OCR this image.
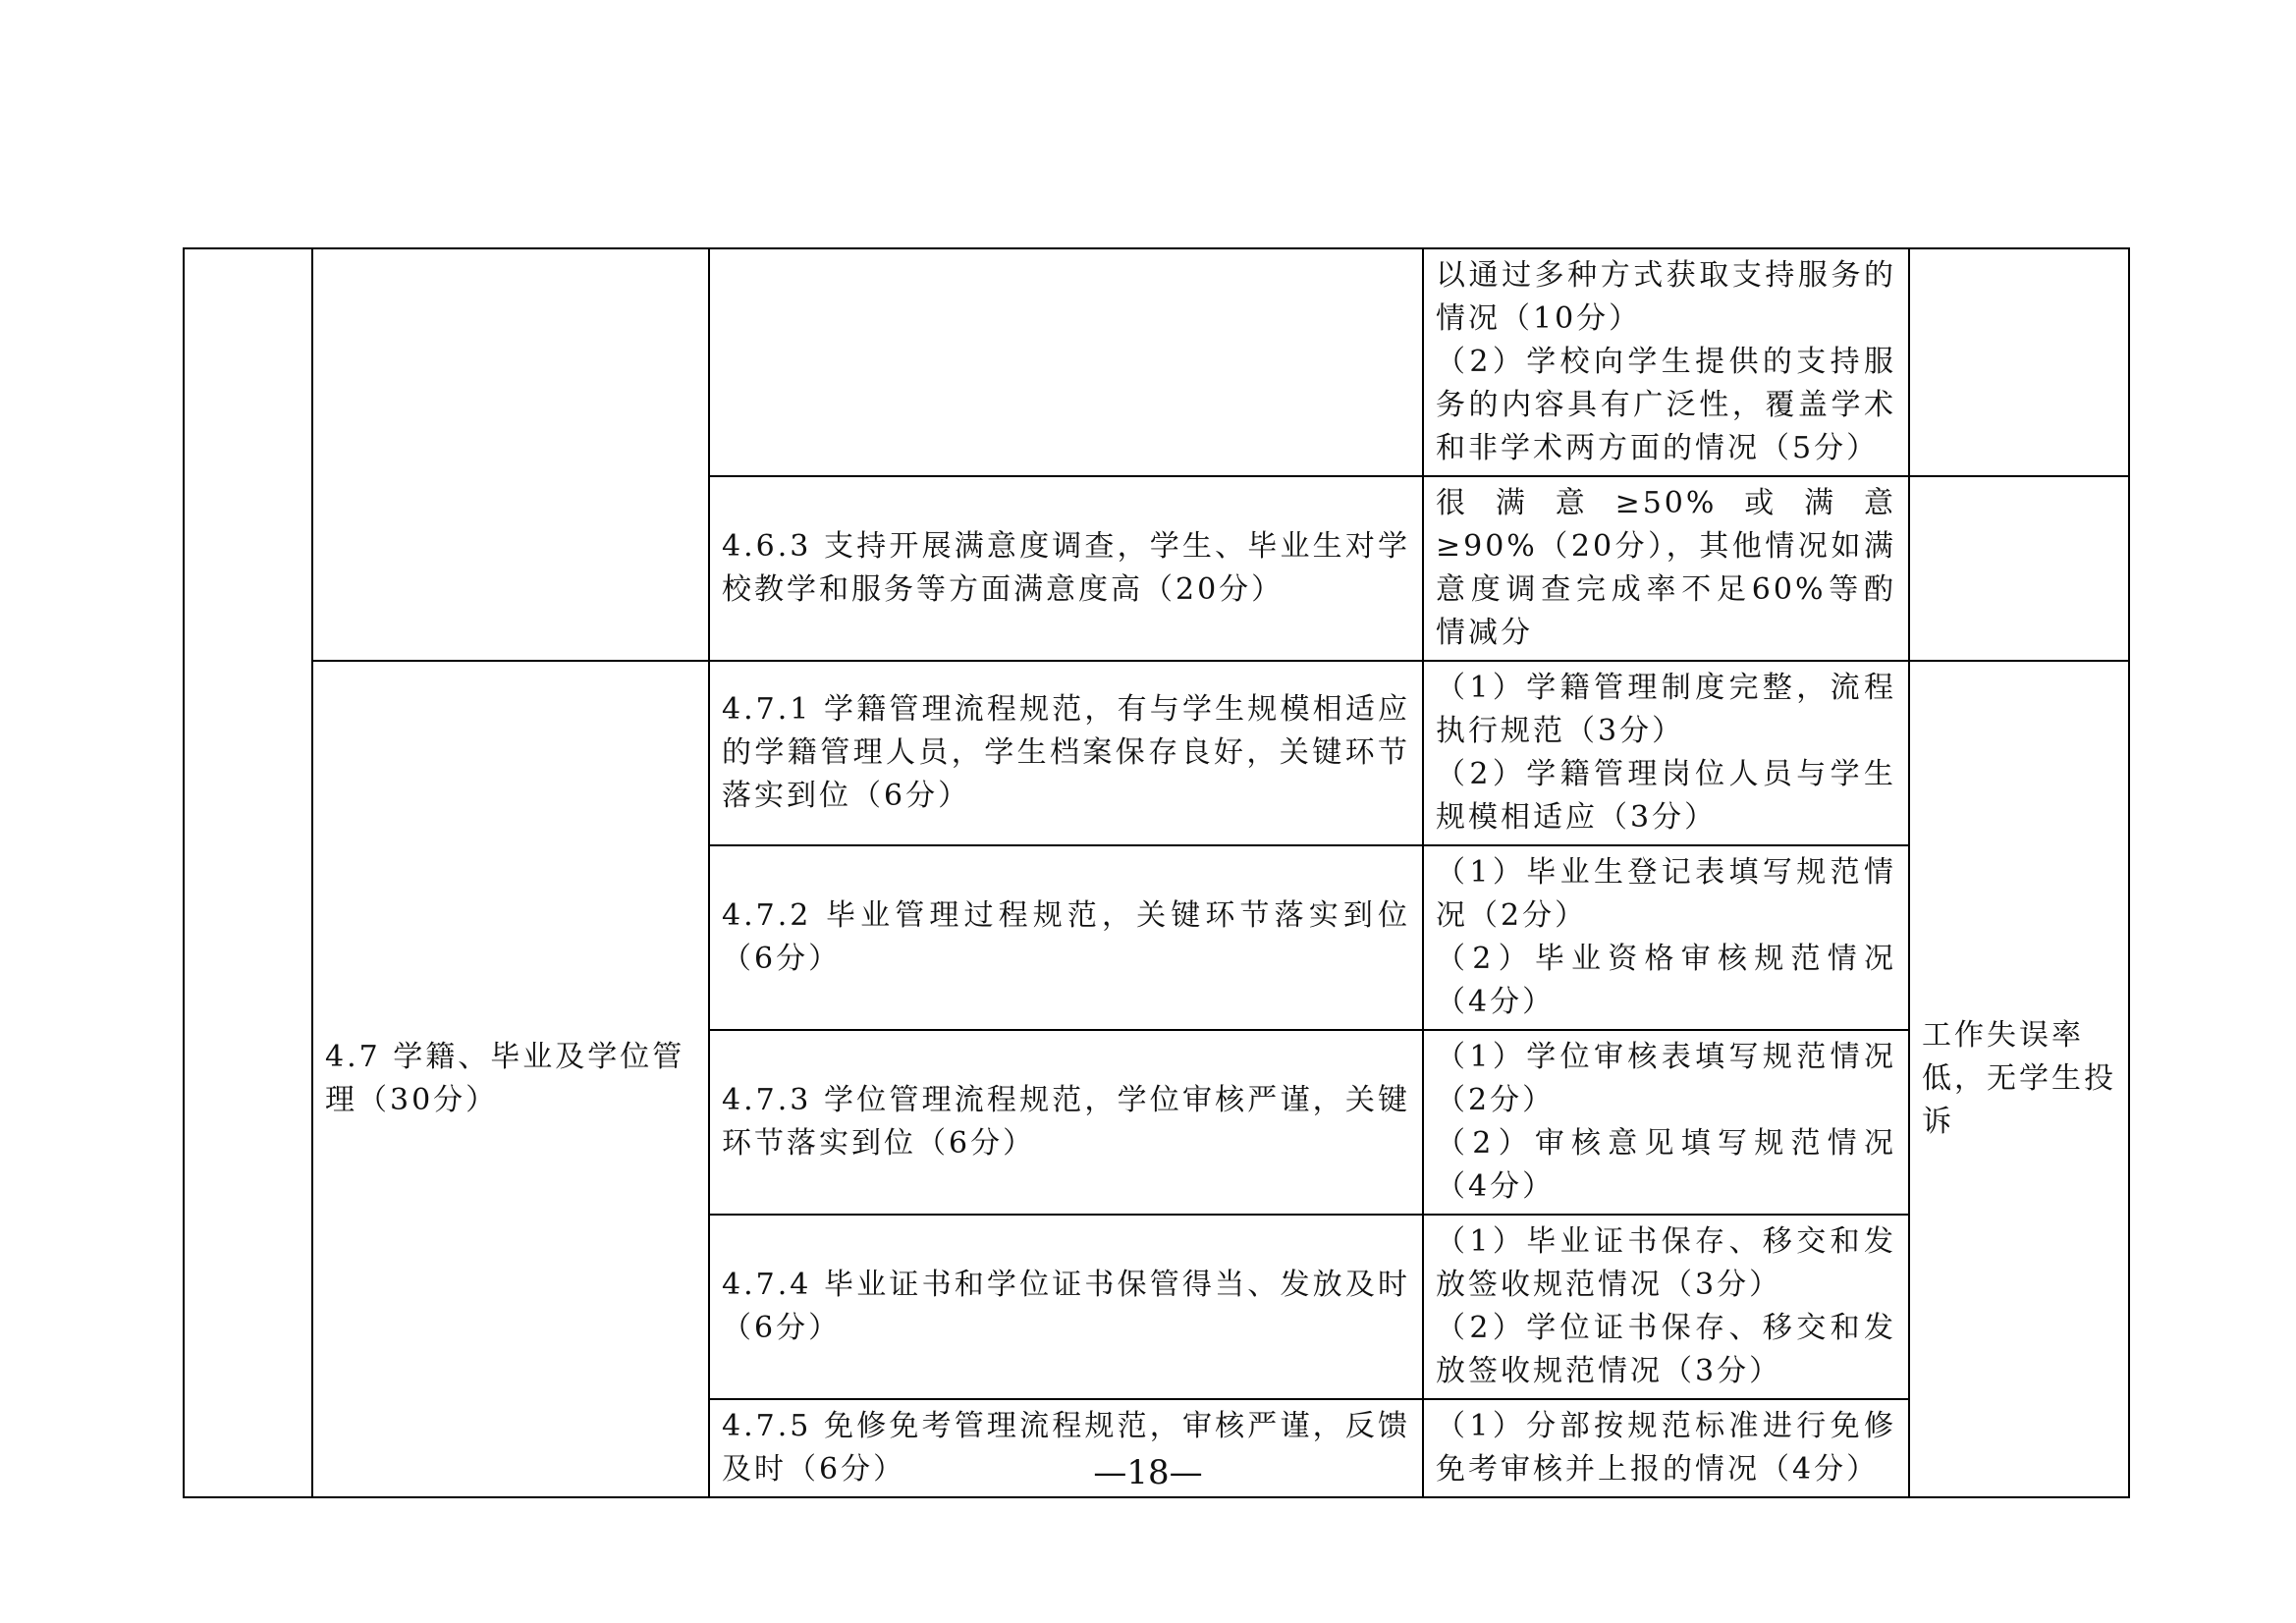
			以通过多种方式获取支持服务的情况（10分）
（2）学校向学生提供的支持服务的内容具有广泛性，覆盖学术和非学术两方面的情况（5分）	

		4.6.3 支持开展满意度调查，学生、毕业生对学校教学和服务等方面满意度高（20分）	很满意≥50%或满意≥90%（20分），其他情况如满意度调查完成率不足60%等酌情减分	

	4.7 学籍、毕业及学位管理（30分）	4.7.1 学籍管理流程规范，有与学生规模相适应的学籍管理人员，学生档案保存良好，关键环节落实到位（6分）	（1）学籍管理制度完整，流程执行规范（3分）
（2）学籍管理岗位人员与学生规模相适应（3分）	工作失误率低，无学生投诉
		4.7.2 毕业管理过程规范，关键环节落实到位（6分）	（1）毕业生登记表填写规范情况（2分）
（2）毕业资格审核规范情况（4分）	

		4.7.3 学位管理流程规范，学位审核严谨，关键环节落实到位（6分）	（1）学位审核表填写规范情况（2分）
（2）审核意见填写规范情况（4分）	

		4.7.4 毕业证书和学位证书保管得当、发放及时（6分）	（1）毕业证书保存、移交和发放签收规范情况（3分）
（2）学位证书保存、移交和发放签收规范情况（3分）	

		4.7.5 免修免考管理流程规范，审核严谨，反馈及时（6分）	（1）分部按规范标准进行免修免考审核并上报的情况（4分）	
—18—
